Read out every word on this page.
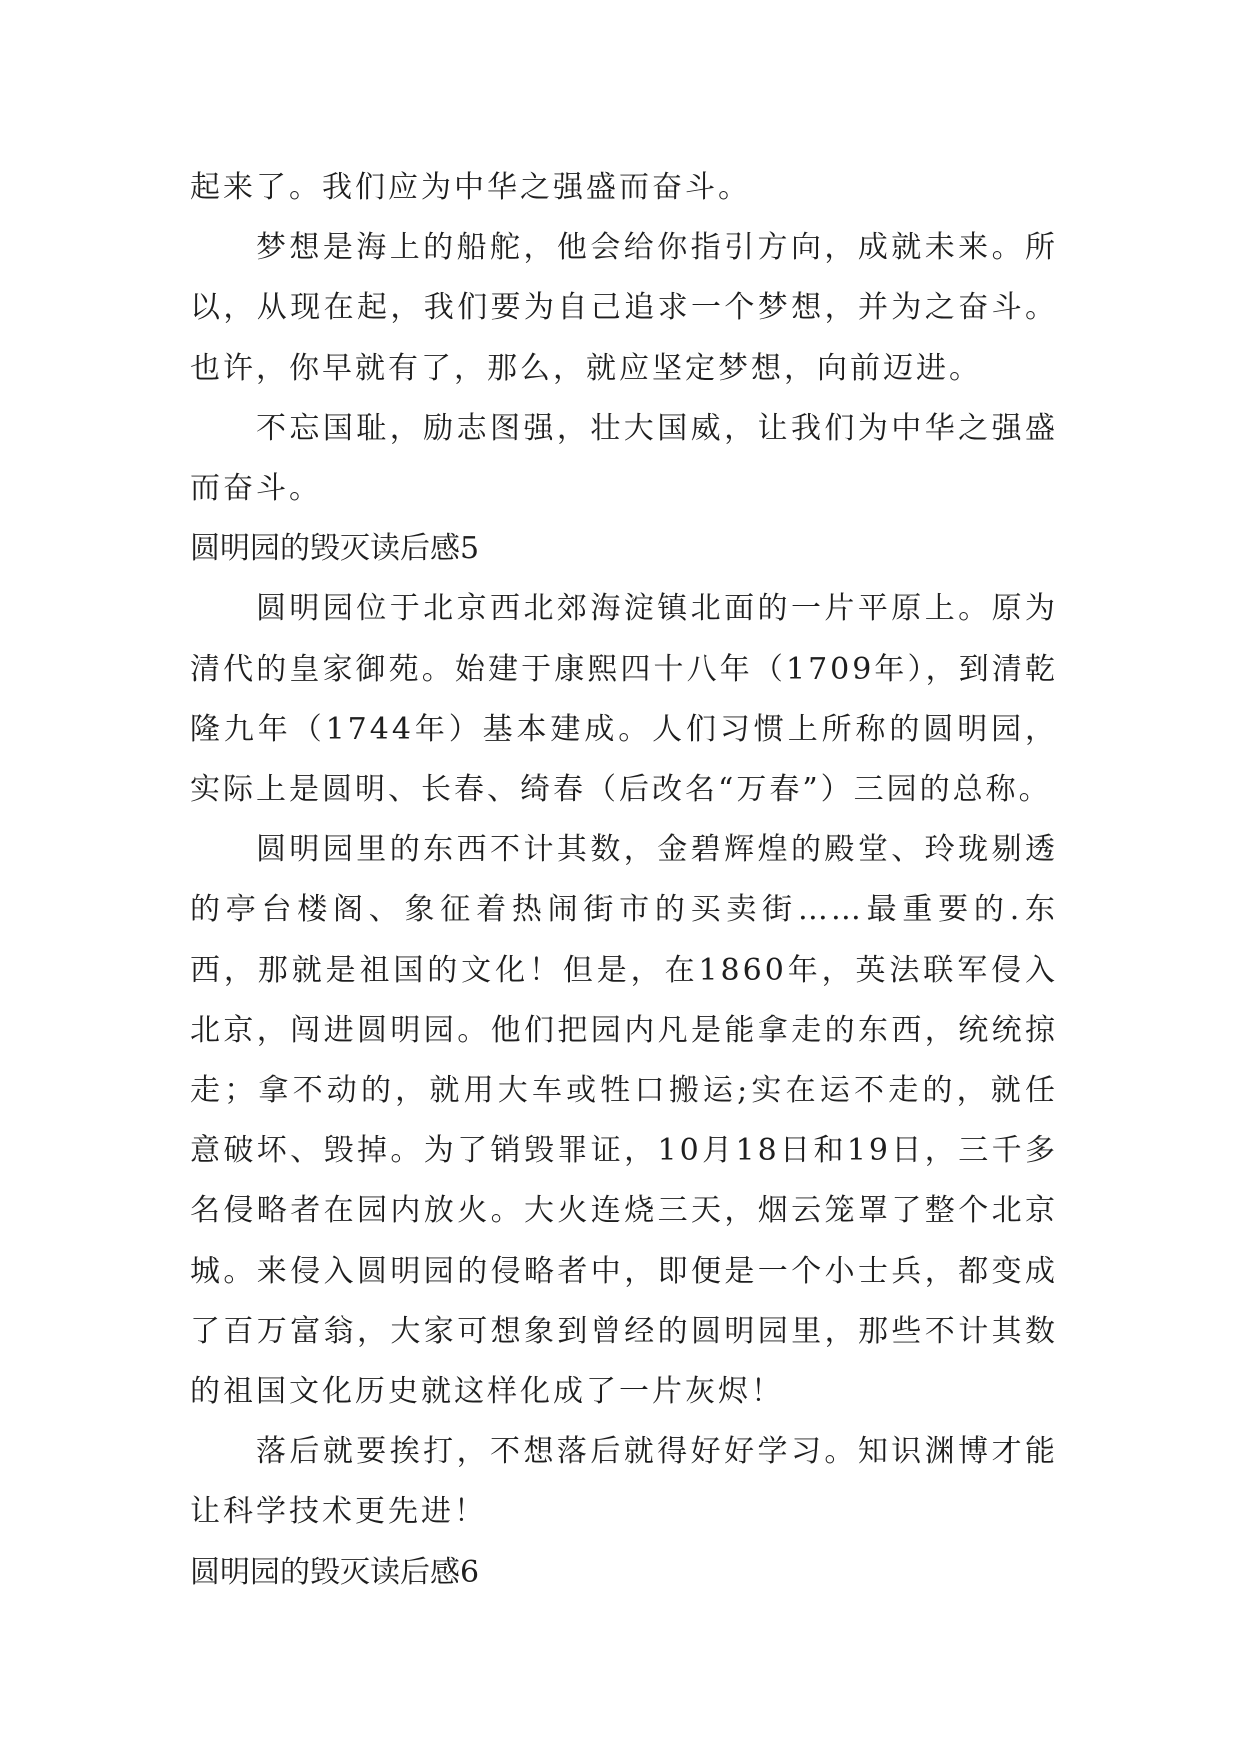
起来了。我们应为中华之强盛而奋斗。

梦想是海上的船舵，他会给你指引方向，成就未来。所以，从现在起，我们要为自己追求一个梦想，并为之奋斗。也许，你早就有了，那么，就应坚定梦想，向前迈进。

不忘国耻，励志图强，壮大国威，让我们为中华之强盛而奋斗。

圆明园的毁灭读后感5

圆明园位于北京西北郊海淀镇北面的一片平原上。原为清代的皇家御苑。始建于康熙四十八年（1709年），到清乾隆九年（1744年）基本建成。人们习惯上所称的圆明园，实际上是圆明、长春、绮春（后改名“万春”）三园的总称。

圆明园里的东西不计其数，金碧辉煌的殿堂、玲珑剔透的亭台楼阁、象征着热闹街市的买卖街……最重要的.东西，那就是祖国的文化！但是，在1860年，英法联军侵入北京，闯进圆明园。他们把园内凡是能拿走的东西，统统掠走；拿不动的，就用大车或牲口搬运;实在运不走的，就任意破坏、毁掉。为了销毁罪证，10月18日和19日，三千多名侵略者在园内放火。大火连烧三天，烟云笼罩了整个北京城。来侵入圆明园的侵略者中，即便是一个小士兵，都变成了百万富翁，大家可想象到曾经的圆明园里，那些不计其数的祖国文化历史就这样化成了一片灰烬！

落后就要挨打，不想落后就得好好学习。知识渊博才能让科学技术更先进！

圆明园的毁灭读后感6
